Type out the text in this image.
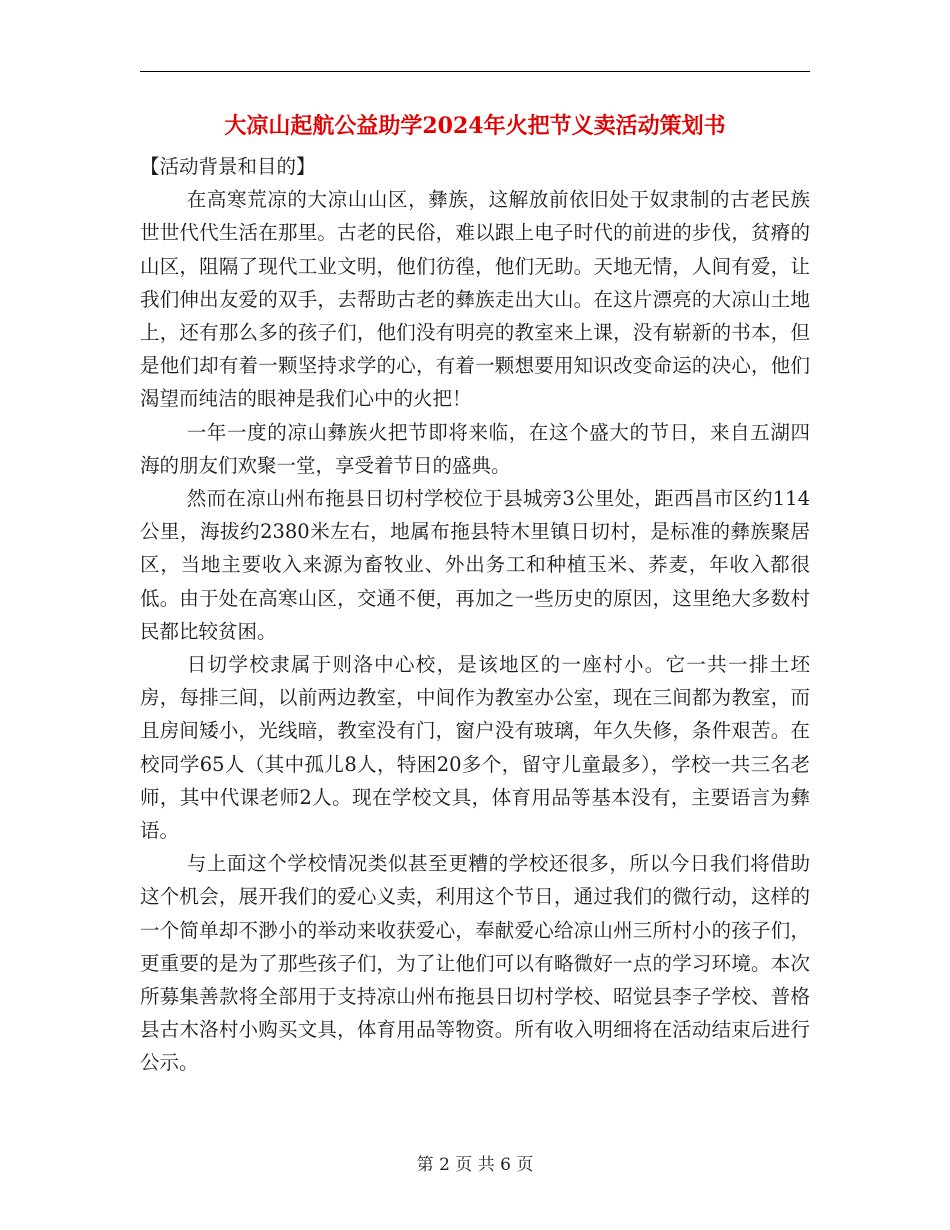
大凉山起航公益助学2024年火把节义卖活动策划书

【活动背景和目的】

在高寒荒凉的大凉山山区，彝族，这解放前依旧处于奴隶制的古老民族世世代代生活在那里。古老的民俗，难以跟上电子时代的前进的步伐，贫瘠的山区，阻隔了现代工业文明，他们彷徨，他们无助。天地无情，人间有爱，让我们伸出友爱的双手，去帮助古老的彝族走出大山。在这片漂亮的大凉山土地上，还有那么多的孩子们，他们没有明亮的教室来上课，没有崭新的书本，但是他们却有着一颗坚持求学的心，有着一颗想要用知识改变命运的决心，他们渴望而纯洁的眼神是我们心中的火把！

一年一度的凉山彝族火把节即将来临，在这个盛大的节日，来自五湖四海的朋友们欢聚一堂，享受着节日的盛典。

然而在凉山州布拖县日切村学校位于县城旁3公里处，距西昌市区约114公里，海拔约2380米左右，地属布拖县特木里镇日切村，是标准的彝族聚居区，当地主要收入来源为畜牧业、外出务工和种植玉米、荞麦，年收入都很低。由于处在高寒山区，交通不便，再加之一些历史的原因，这里绝大多数村民都比较贫困。

日切学校隶属于则洛中心校，是该地区的一座村小。它一共一排土坯房，每排三间，以前两边教室，中间作为教室办公室，现在三间都为教室，而且房间矮小，光线暗，教室没有门，窗户没有玻璃，年久失修，条件艰苦。在校同学65人（其中孤儿8人，特困20多个，留守儿童最多），学校一共三名老师，其中代课老师2人。现在学校文具，体育用品等基本没有，主要语言为彝语。

与上面这个学校情况类似甚至更糟的学校还很多，所以今日我们将借助这个机会，展开我们的爱心义卖，利用这个节日，通过我们的微行动，这样的一个简单却不渺小的举动来收获爱心，奉献爱心给凉山州三所村小的孩子们，更重要的是为了那些孩子们，为了让他们可以有略微好一点的学习环境。本次所募集善款将全部用于支持凉山州布拖县日切村学校、昭觉县李子学校、普格县古木洛村小购买文具，体育用品等物资。所有收入明细将在活动结束后进行公示。

第 2 页 共 6 页
